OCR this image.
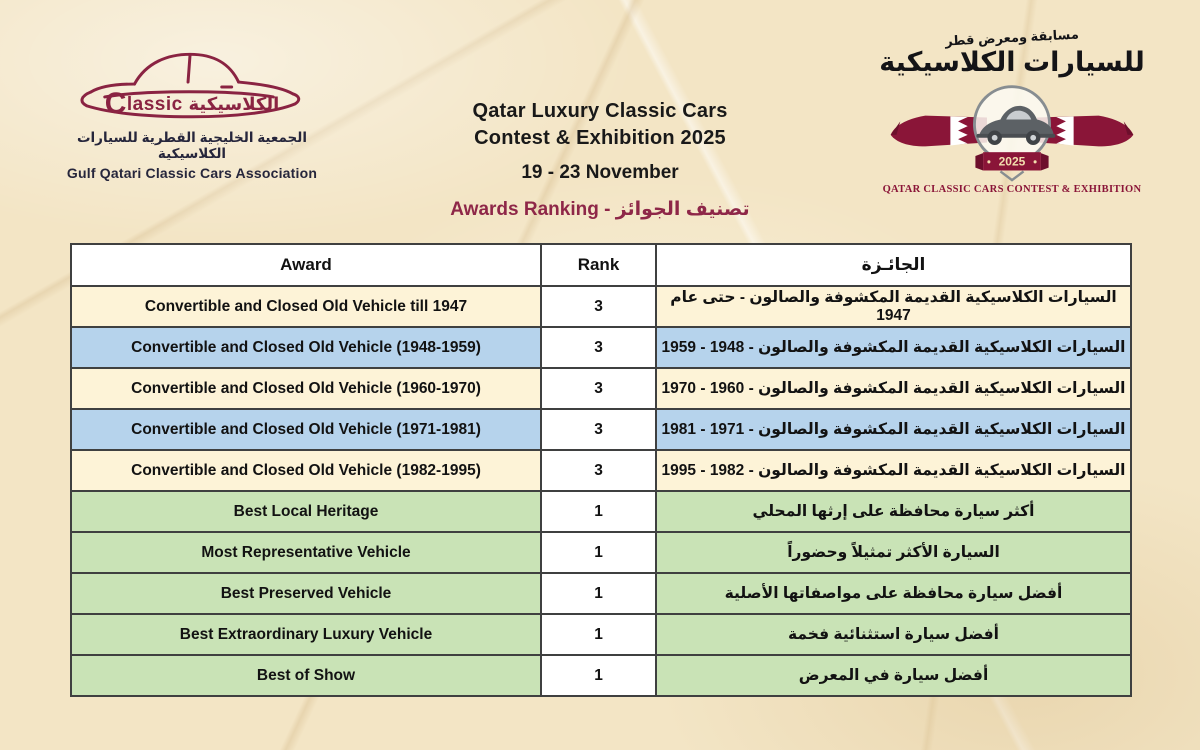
Classic الكلاسيكية
الجمعية الخليجية القطرية للسيارات الكلاسيكية
Gulf Qatari Classic Cars Association
Qatar Luxury Classic Cars
Contest & Exhibition 2025
19 - 23 November
Awards Ranking - تصنيف الجوائز
مسابقة ومعرض قطر
للسيارات الكلاسيكية
2025
QATAR CLASSIC CARS CONTEST & EXHIBITION
Award	Rank	الجائـزة
Convertible and Closed Old Vehicle till 1947	3	السيارات الكلاسيكية القديمة المكشوفة والصالون - حتى عام 1947
Convertible and Closed Old Vehicle (1948-1959)	3	السيارات الكلاسيكية القديمة المكشوفة والصالون - 1948 - 1959
Convertible and Closed Old Vehicle (1960-1970)	3	السيارات الكلاسيكية القديمة المكشوفة والصالون - 1960 - 1970
Convertible and Closed Old Vehicle (1971-1981)	3	السيارات الكلاسيكية القديمة المكشوفة والصالون - 1971 - 1981
Convertible and Closed Old Vehicle (1982-1995)	3	السيارات الكلاسيكية القديمة المكشوفة والصالون - 1982 - 1995
Best Local Heritage	1	أكثر سيارة محافظة على إرثها المحلي
Most Representative Vehicle	1	السيارة الأكثر تمثيلاً وحضوراً
Best Preserved Vehicle	1	أفضل سيارة محافظة على مواصفاتها الأصلية
Best Extraordinary Luxury Vehicle	1	أفضل سيارة استثنائية فخمة
Best of Show	1	أفضل سيارة في المعرض
